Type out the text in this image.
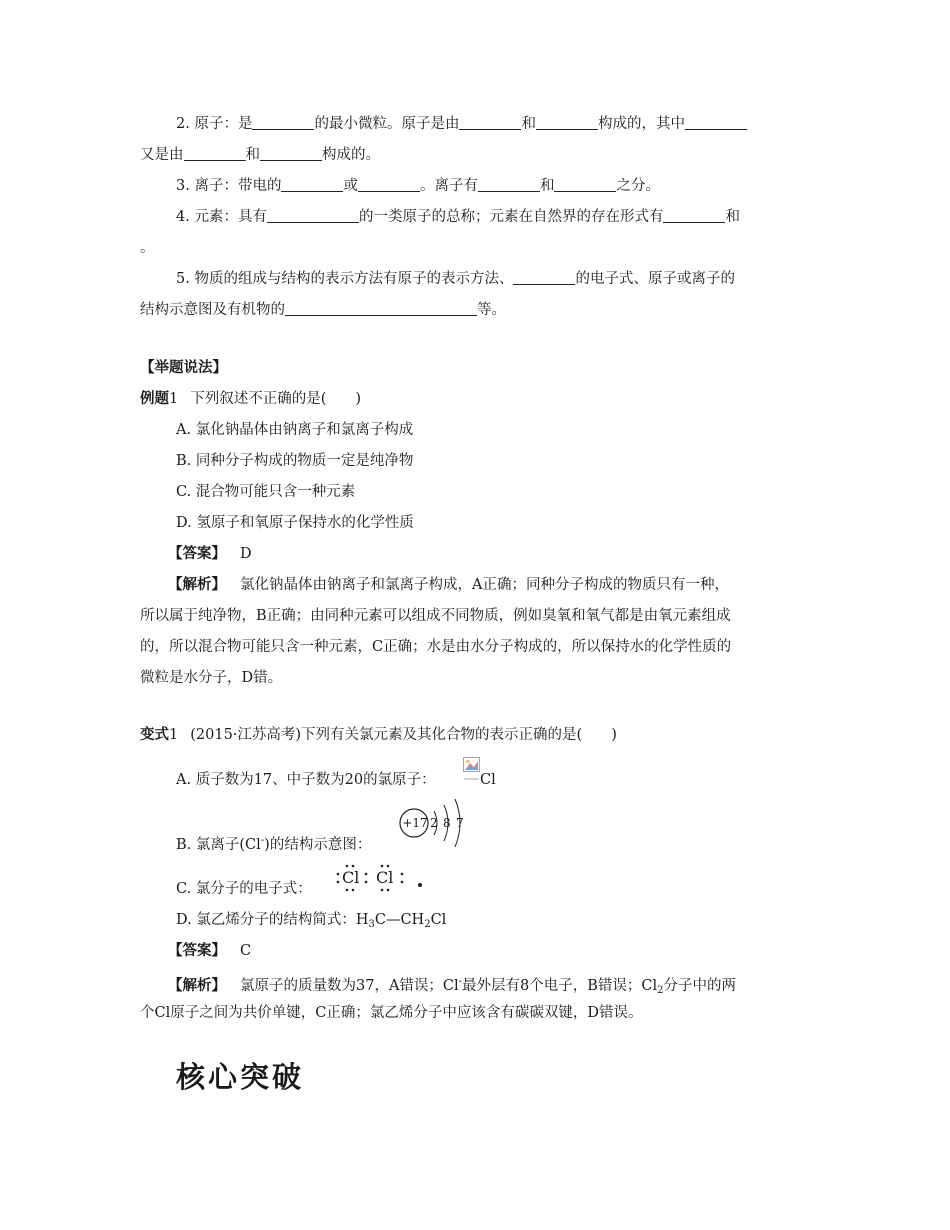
2. 原子：是	的最小微粒。原子是由	和	构成的，其中
又是由	和	构成的。
3. 离子：带电的	或	。离子有	和	之分。
4. 元素：具有	的一类原子的总称；元素在自然界的存在形式有	和
。
5. 物质的组成与结构的表示方法有原子的表示方法、	的电子式、原子或离子的
结构示意图及有机物的	等。
【举题说法】
例题1 下列叙述不正确的是(　　)
A. 氯化钠晶体由钠离子和氯离子构成
B. 同种分子构成的物质一定是纯净物
C. 混合物可能只含一种元素
D. 氢原子和氧原子保持水的化学性质
【答案】 D
【解析】 氯化钠晶体由钠离子和氯离子构成，A正确；同种分子构成的物质只有一种，
所以属于纯净物，B正确；由同种元素可以组成不同物质，例如臭氧和氧气都是由氧元素组成
的，所以混合物可能只含一种元素，C正确；水是由水分子构成的，所以保持水的化学性质的
微粒是水分子，D错。
变式1 (2015·江苏高考)下列有关氯元素及其化合物的表示正确的是(　　)
A. 质子数为17、中子数为20的氯原子：	Cl
B. 氯离子(Cl-)的结构示意图：
+17 2 8 7
C. 氯分子的电子式：
Cl Cl
D. 氯乙烯分子的结构简式：$H_3C—CH_2Cl$
【答案】 C
【解析】 氯原子的质量数为37，A错误；Cl-最外层有8个电子，B错误；$Cl_2$分子中的两
个Cl原子之间为共价单键，C正确；氯乙烯分子中应该含有碳碳双键，D错误。
核心突破
